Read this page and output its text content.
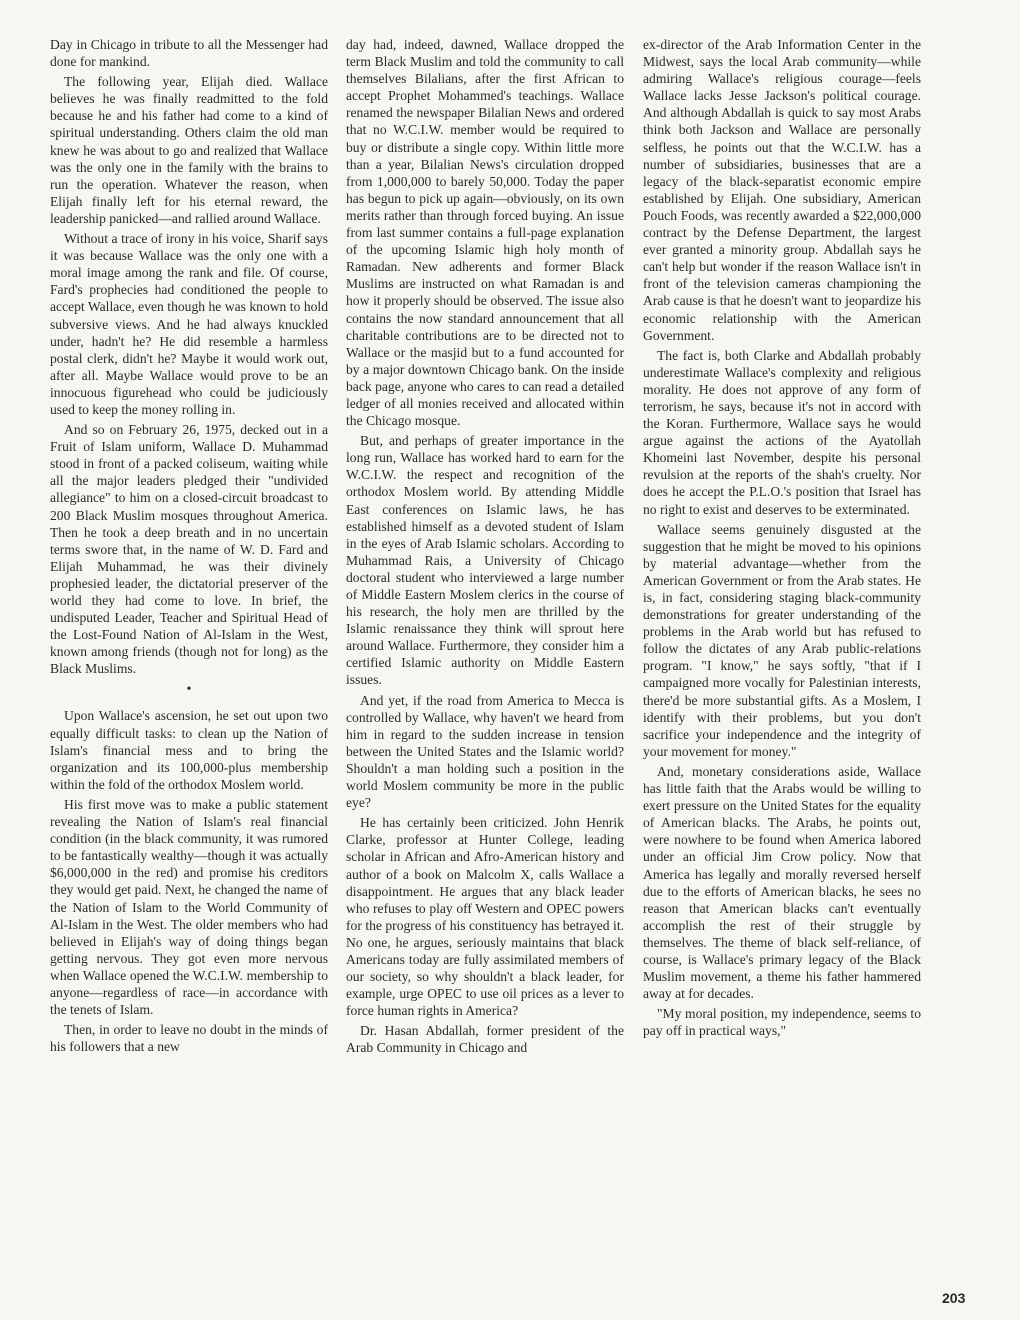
Day in Chicago in tribute to all the Messenger had done for mankind.

The following year, Elijah died. Wallace believes he was finally readmitted to the fold because he and his father had come to a kind of spiritual understanding. Others claim the old man knew he was about to go and realized that Wallace was the only one in the family with the brains to run the operation. Whatever the reason, when Elijah finally left for his eternal reward, the leadership panicked—and rallied around Wallace.

Without a trace of irony in his voice, Sharif says it was because Wallace was the only one with a moral image among the rank and file. Of course, Fard's prophecies had conditioned the people to accept Wallace, even though he was known to hold subversive views. And he had always knuckled under, hadn't he? He did resemble a harmless postal clerk, didn't he? Maybe it would work out, after all. Maybe Wallace would prove to be an innocuous figurehead who could be judiciously used to keep the money rolling in.

And so on February 26, 1975, decked out in a Fruit of Islam uniform, Wallace D. Muhammad stood in front of a packed coliseum, waiting while all the major leaders pledged their "undivided allegiance" to him on a closed-circuit broadcast to 200 Black Muslim mosques throughout America. Then he took a deep breath and in no uncertain terms swore that, in the name of W. D. Fard and Elijah Muhammad, he was their divinely prophesied leader, the dictatorial preserver of the world they had come to love. In brief, the undisputed Leader, Teacher and Spiritual Head of the Lost-Found Nation of Al-Islam in the West, known among friends (though not for long) as the Black Muslims.

•

Upon Wallace's ascension, he set out upon two equally difficult tasks: to clean up the Nation of Islam's financial mess and to bring the organization and its 100,000-plus membership within the fold of the orthodox Moslem world.

His first move was to make a public statement revealing the Nation of Islam's real financial condition (in the black community, it was rumored to be fantastically wealthy—though it was actually $6,000,000 in the red) and promise his creditors they would get paid. Next, he changed the name of the Nation of Islam to the World Community of Al-Islam in the West. The older members who had believed in Elijah's way of doing things began getting nervous. They got even more nervous when Wallace opened the W.C.I.W. membership to anyone—regardless of race—in accordance with the tenets of Islam.

Then, in order to leave no doubt in the minds of his followers that a new

day had, indeed, dawned, Wallace dropped the term Black Muslim and told the community to call themselves Bilalians, after the first African to accept Prophet Mohammed's teachings. Wallace renamed the newspaper Bilalian News and ordered that no W.C.I.W. member would be required to buy or distribute a single copy. Within little more than a year, Bilalian News's circulation dropped from 1,000,000 to barely 50,000. Today the paper has begun to pick up again—obviously, on its own merits rather than through forced buying. An issue from last summer contains a full-page explanation of the upcoming Islamic high holy month of Ramadan. New adherents and former Black Muslims are instructed on what Ramadan is and how it properly should be observed. The issue also contains the now standard announcement that all charitable contributions are to be directed not to Wallace or the masjid but to a fund accounted for by a major downtown Chicago bank. On the inside back page, anyone who cares to can read a detailed ledger of all monies received and allocated within the Chicago mosque.

But, and perhaps of greater importance in the long run, Wallace has worked hard to earn for the W.C.I.W. the respect and recognition of the orthodox Moslem world. By attending Middle East conferences on Islamic laws, he has established himself as a devoted student of Islam in the eyes of Arab Islamic scholars. According to Muhammad Rais, a University of Chicago doctoral student who interviewed a large number of Middle Eastern Moslem clerics in the course of his research, the holy men are thrilled by the Islamic renaissance they think will sprout here around Wallace. Furthermore, they consider him a certified Islamic authority on Middle Eastern issues.

And yet, if the road from America to Mecca is controlled by Wallace, why haven't we heard from him in regard to the sudden increase in tension between the United States and the Islamic world? Shouldn't a man holding such a position in the world Moslem community be more in the public eye?

He has certainly been criticized. John Henrik Clarke, professor at Hunter College, leading scholar in African and Afro-American history and author of a book on Malcolm X, calls Wallace a disappointment. He argues that any black leader who refuses to play off Western and OPEC powers for the progress of his constituency has betrayed it. No one, he argues, seriously maintains that black Americans today are fully assimilated members of our society, so why shouldn't a black leader, for example, urge OPEC to use oil prices as a lever to force human rights in America?

Dr. Hasan Abdallah, former president of the Arab Community in Chicago and

ex-director of the Arab Information Center in the Midwest, says the local Arab community—while admiring Wallace's religious courage—feels Wallace lacks Jesse Jackson's political courage. And although Abdallah is quick to say most Arabs think both Jackson and Wallace are personally selfless, he points out that the W.C.I.W. has a number of subsidiaries, businesses that are a legacy of the black-separatist economic empire established by Elijah. One subsidiary, American Pouch Foods, was recently awarded a $22,000,000 contract by the Defense Department, the largest ever granted a minority group. Abdallah says he can't help but wonder if the reason Wallace isn't in front of the television cameras championing the Arab cause is that he doesn't want to jeopardize his economic relationship with the American Government.

The fact is, both Clarke and Abdallah probably underestimate Wallace's complexity and religious morality. He does not approve of any form of terrorism, he says, because it's not in accord with the Koran. Furthermore, Wallace says he would argue against the actions of the Ayatollah Khomeini last November, despite his personal revulsion at the reports of the shah's cruelty. Nor does he accept the P.L.O.'s position that Israel has no right to exist and deserves to be exterminated.

Wallace seems genuinely disgusted at the suggestion that he might be moved to his opinions by material advantage—whether from the American Government or from the Arab states. He is, in fact, considering staging black-community demonstrations for greater understanding of the problems in the Arab world but has refused to follow the dictates of any Arab public-relations program. "I know," he says softly, "that if I campaigned more vocally for Palestinian interests, there'd be more substantial gifts. As a Moslem, I identify with their problems, but you don't sacrifice your independence and the integrity of your movement for money."

And, monetary considerations aside, Wallace has little faith that the Arabs would be willing to exert pressure on the United States for the equality of American blacks. The Arabs, he points out, were nowhere to be found when America labored under an official Jim Crow policy. Now that America has legally and morally reversed herself due to the efforts of American blacks, he sees no reason that American blacks can't eventually accomplish the rest of their struggle by themselves. The theme of black self-reliance, of course, is Wallace's primary legacy of the Black Muslim movement, a theme his father hammered away at for decades.

"My moral position, my independence, seems to pay off in practical ways,"

203
